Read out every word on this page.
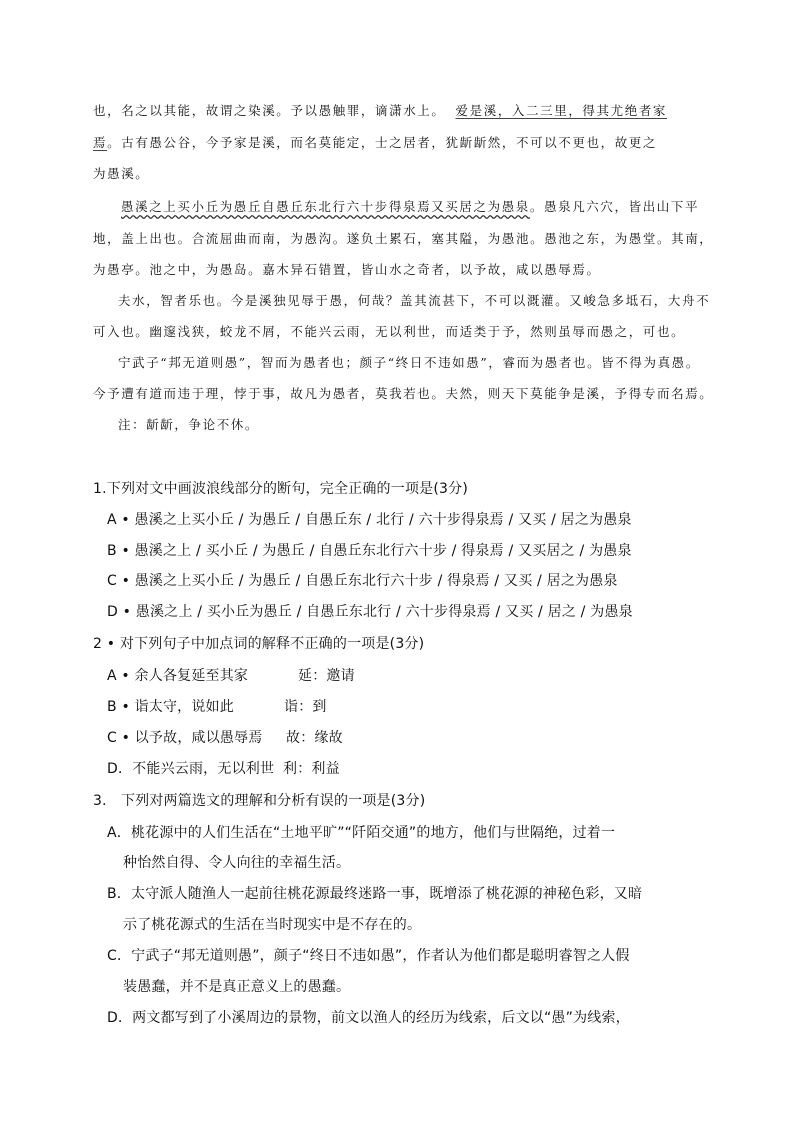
也，名之以其能，故谓之染溪。予以愚触罪，谪潇水上。 爱是溪，入二三里，得其尤绝者家
焉。古有愚公谷，今予家是溪，而名莫能定，士之居者，犹龂龂然，不可以不更也，故更之
为愚溪。
愚溪之上买小丘为愚丘自愚丘东北行六十步得泉焉又买居之为愚泉。愚泉凡六穴，皆出山下平
地，盖上出也。合流屈曲而南，为愚沟。遂负土累石，塞其隘，为愚池。愚池之东，为愚堂。其南，
为愚亭。池之中，为愚岛。嘉木异石错置，皆山水之奇者，以予故，咸以愚辱焉。
夫水，智者乐也。今是溪独见辱于愚，何哉？盖其流甚下，不可以溉灌。又峻急多坻石，大舟不
可入也。幽邃浅狭，蛟龙不屑，不能兴云雨，无以利世，而适类于予，然则虽辱而愚之，可也。
宁武子“邦无道则愚”，智而为愚者也；颜子“终日不违如愚”，睿而为愚者也。皆不得为真愚。
今予遭有道而违于理，悖于事，故凡为愚者，莫我若也。夫然，则天下莫能争是溪，予得专而名焉。
注：龂龂，争论不休。
1.下列对文中画波浪线部分的断句，完全正确的一项是(3分)
A • 愚溪之上买小丘 / 为愚丘 / 自愚丘东 / 北行 / 六十步得泉焉 / 又买 / 居之为愚泉
B • 愚溪之上 / 买小丘 / 为愚丘 / 自愚丘东北行六十步 / 得泉焉 / 又买居之 / 为愚泉
C • 愚溪之上买小丘 / 为愚丘 / 自愚丘东北行六十步 / 得泉焉 / 又买 / 居之为愚泉
D • 愚溪之上 / 买小丘为愚丘 / 自愚丘东北行 / 六十步得泉焉 / 又买 / 居之 / 为愚泉
2 • 对下列句子中加点词的解释不正确的一项是(3分)
A • 余人各复延至其家	延：邀请
B • 诣太守，说如此	诣：到
C • 以予故，咸以愚辱焉 故：缘故
D．不能兴云雨，无以利世 利：利益
3． 下列对两篇选文的理解和分析有误的一项是(3分)
A．桃花源中的人们生活在“土地平旷”“阡陌交通”的地方，他们与世隔绝，过着一
种怡然自得、令人向往的幸福生活。
B．太守派人随渔人一起前往桃花源最终迷路一事，既增添了桃花源的神秘色彩，又暗
示了桃花源式的生活在当时现实中是不存在的。
C．宁武子“邦无道则愚”，颜子“终日不违如愚”，作者认为他们都是聪明睿智之人假
装愚蠢，并不是真正意义上的愚蠢。
D．两文都写到了小溪周边的景物，前文以渔人的经历为线索，后文以“愚”为线索，
